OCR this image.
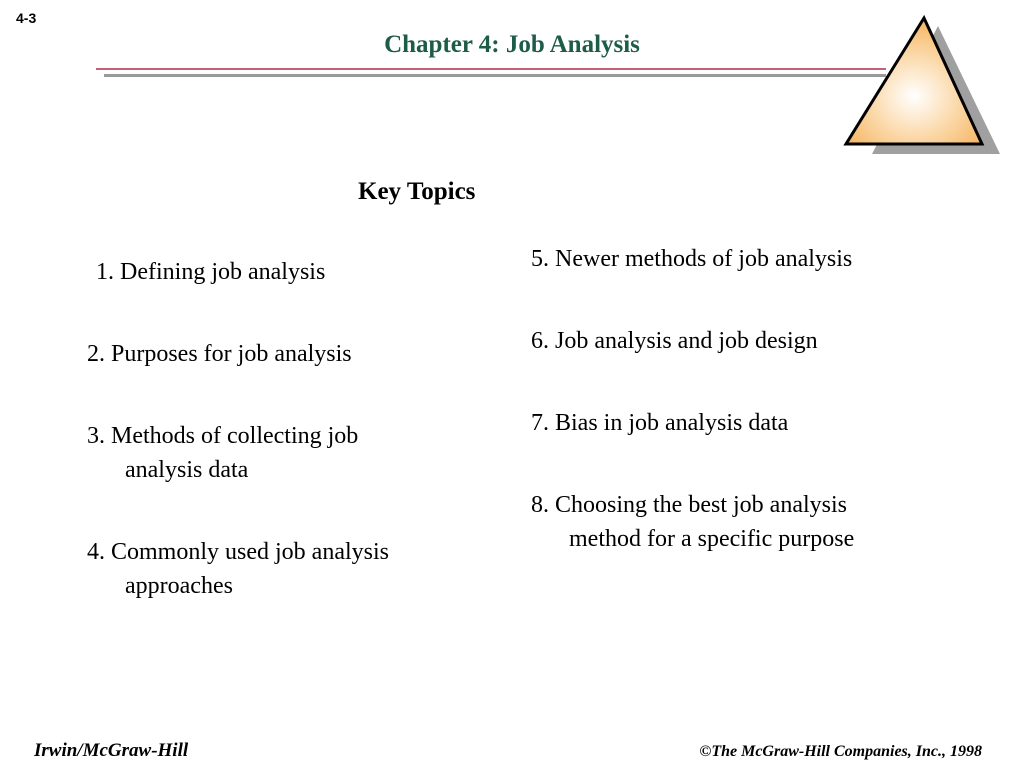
4-3
Chapter 4: Job Analysis
Key Topics

1. Defining job analysis

2. Purposes for job analysis

3. Methods of collecting job
analysis data

4. Commonly used job analysis
approaches

5. Newer methods of job analysis

6. Job analysis and job design

7. Bias in job analysis data

8. Choosing the best job analysis
method for a specific purpose

Irwin/McGraw-Hill	©The McGraw-Hill Companies, Inc., 1998
